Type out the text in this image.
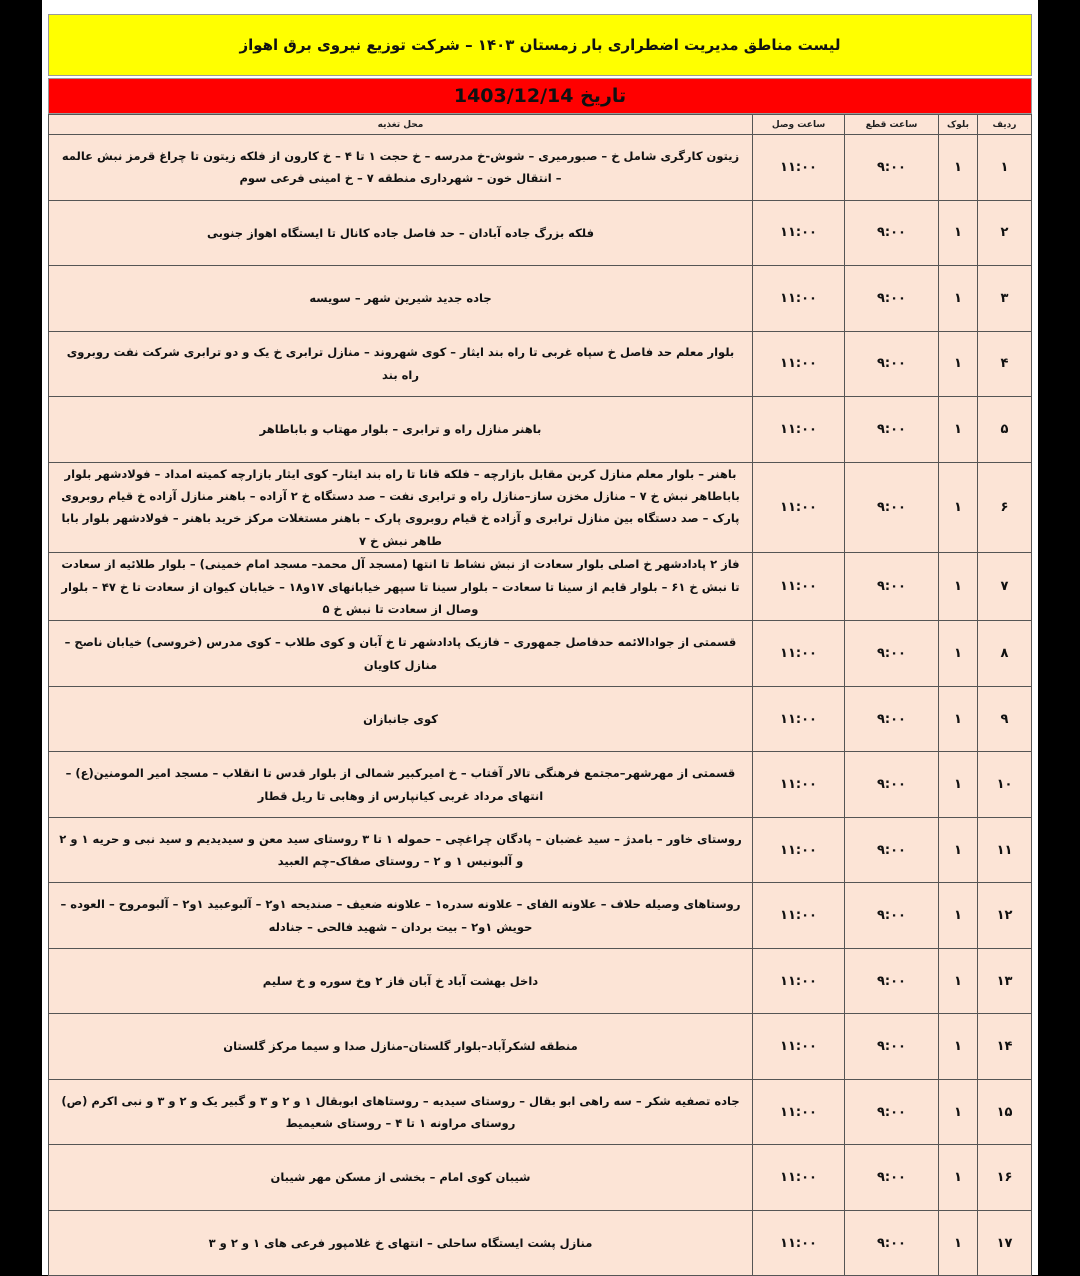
لیست مناطق مدیریت اضطراری بار زمستان ۱۴۰۳ – شرکت توزیع نیروی برق اهواز
تاریخ 1403/12/14
ردیف	بلوک	ساعت قطع	ساعت وصل	محل تغذیه
۱	۱	۹:۰۰	۱۱:۰۰	زیتون کارگری شامل خ – صبورمیری – شوش-خ مدرسه – خ حجت ۱ تا ۴ – خ کارون از فلکه زیتون تا چراغ قرمز نبش عالمه – انتقال خون – شهرداری منطقه ۷ – خ امینی فرعی سوم
۲	۱	۹:۰۰	۱۱:۰۰	فلکه بزرگ جاده آبادان – حد فاصل جاده کانال تا ایستگاه اهواز جنوبی
۳	۱	۹:۰۰	۱۱:۰۰	جاده جدید شیرین شهر – سویسه
۴	۱	۹:۰۰	۱۱:۰۰	بلوار معلم حد فاصل خ سپاه غربی تا راه بند ایثار – کوی شهروند – منازل ترابری خ یک و دو ترابری شرکت نفت روبروی راه بند
۵	۱	۹:۰۰	۱۱:۰۰	باهنر منازل راه و ترابری – بلوار مهتاب و باباطاهر
۶	۱	۹:۰۰	۱۱:۰۰	باهنر – بلوار معلم منازل کربن مقابل بازارچه – فلکه قانا تا راه بند ایثار– کوی ایثار بازارچه کمیته امداد – فولادشهر بلوار باباطاهر نبش خ ۷ – منازل مخزن ساز–منازل راه و ترابری نفت – صد دستگاه خ ۲ آزاده – باهنر منازل آزاده خ قیام روبروی پارک – صد دستگاه بین منازل ترابری و آزاده خ قیام روبروی پارک – باهنر مستغلات مرکز خرید باهنر – فولادشهر بلوار بابا طاهر نبش خ ۷
۷	۱	۹:۰۰	۱۱:۰۰	فاز ۲ پادادشهر خ اصلی بلوار سعادت از نبش نشاط تا انتها (مسجد آل محمد– مسجد امام خمینی) – بلوار طلائیه از سعادت تا نبش خ ۶۱ – بلوار قایم از سینا تا سعادت – بلوار سینا تا سپهر خیابانهای ۱۷و۱۸ – خیابان کیوان از سعادت تا خ ۴۷ – بلوار وصال از سعادت تا نبش خ ۵
۸	۱	۹:۰۰	۱۱:۰۰	قسمتی از جوادالائمه حدفاصل جمهوری – فازیک پادادشهر تا خ آبان و کوی طلاب – کوی مدرس (خروسی) خیابان ناصح – منازل کاویان
۹	۱	۹:۰۰	۱۱:۰۰	کوی جانبازان
۱۰	۱	۹:۰۰	۱۱:۰۰	قسمتی از مهرشهر–مجتمع فرهنگی تالار آفتاب – خ امیرکبیر شمالی از بلوار قدس تا انقلاب – مسجد امیر المومنین(ع) – انتهای مرداد غربی کیانپارس از وهابی تا ریل قطار
۱۱	۱	۹:۰۰	۱۱:۰۰	روستای خاور – بامدژ – سید غضبان – پادگان چراغچی – حموله ۱ تا ۳ روستای سید معن و سیدیدیم و سید نبی و حریه ۱ و ۲ و آلبونیس ۱ و ۲ – روستای صفاک–چم العبید
۱۲	۱	۹:۰۰	۱۱:۰۰	روستاهای وصیله حلاف – علاونه الفای – علاونه سدره۱ – علاونه ضعیف – صندیحه ۱و۲ – آلبوعبید ۱و۲ – آلبومروح – العوده – حویش ۱و۲ – بیت بردان – شهید فالحی – جنادله
۱۳	۱	۹:۰۰	۱۱:۰۰	داخل بهشت آباد خ آبان فاز ۲ وخ سوره و خ سلیم
۱۴	۱	۹:۰۰	۱۱:۰۰	منطقه لشکرآباد–بلوار گلستان–منازل صدا و سیما مرکز گلستان
۱۵	۱	۹:۰۰	۱۱:۰۰	جاده تصفیه شکر – سه راهی ابو بقال – روستای سیدیه – روستاهای ابوبقال ۱ و ۲ و ۳ و گبیر یک و ۲ و ۳ و نبی اکرم (ص) روستای مراونه ۱ تا ۴ – روستای شعیمیط
۱۶	۱	۹:۰۰	۱۱:۰۰	شیبان کوی امام – بخشی از مسکن مهر شیبان
۱۷	۱	۹:۰۰	۱۱:۰۰	منازل پشت ایستگاه ساحلی – انتهای خ غلامپور فرعی های ۱ و ۲ و ۳
